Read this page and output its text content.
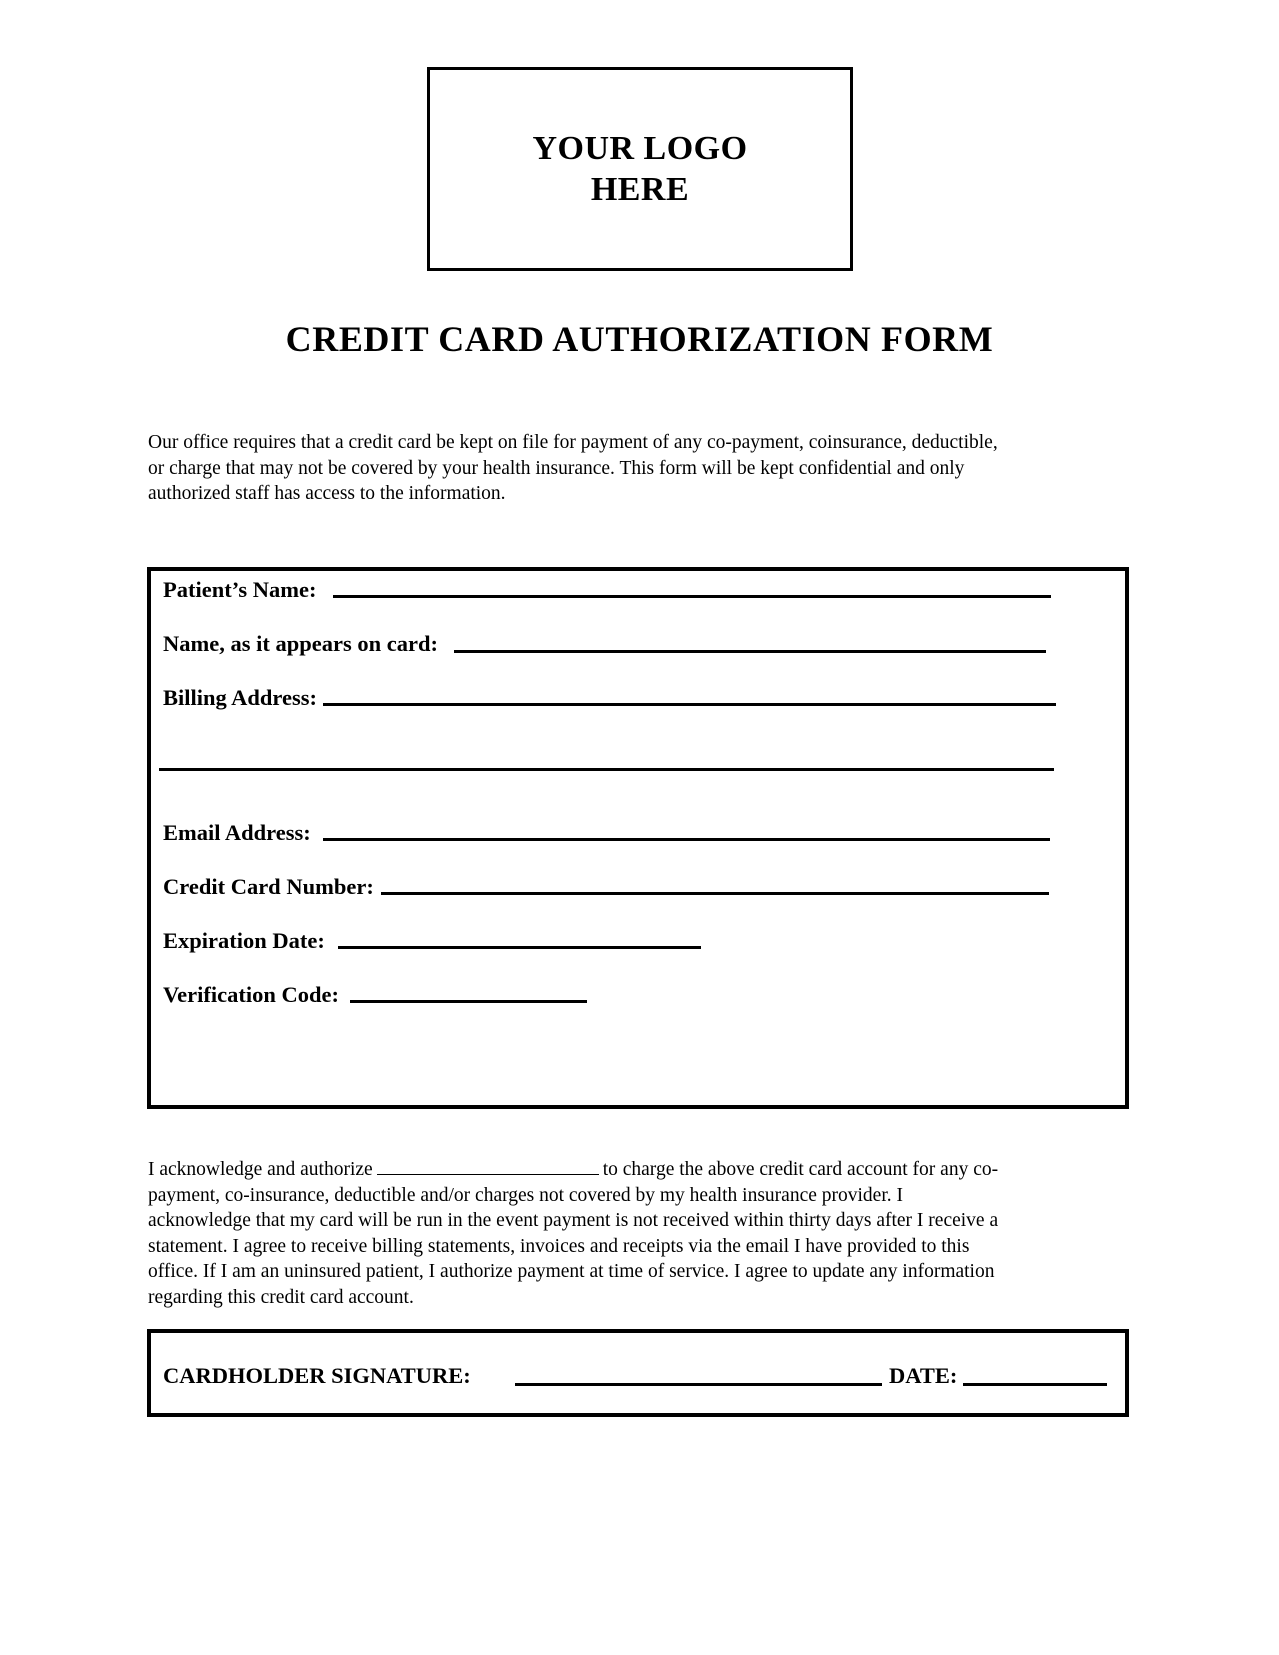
YOUR LOGO
HERE
CREDIT CARD AUTHORIZATION FORM
Our office requires that a credit card be kept on file for payment of any co-payment, coinsurance, deductible,
or charge that may not be covered by your health insurance. This form will be kept confidential and only
authorized staff has access to the information.
Patient’s Name:
Name, as it appears on card:
Billing Address:
Email Address:
Credit Card Number:
Expiration Date:
Verification Code:
I acknowledge and authorize	to charge the above credit card account for any co-
payment, co-insurance, deductible and/or charges not covered by my health insurance provider. I
acknowledge that my card will be run in the event payment is not received within thirty days after I receive a
statement. I agree to receive billing statements, invoices and receipts via the email I have provided to this
office. If I am an uninsured patient, I authorize payment at time of service. I agree to update any information
regarding this credit card account.
CARDHOLDER SIGNATURE:	DATE:
